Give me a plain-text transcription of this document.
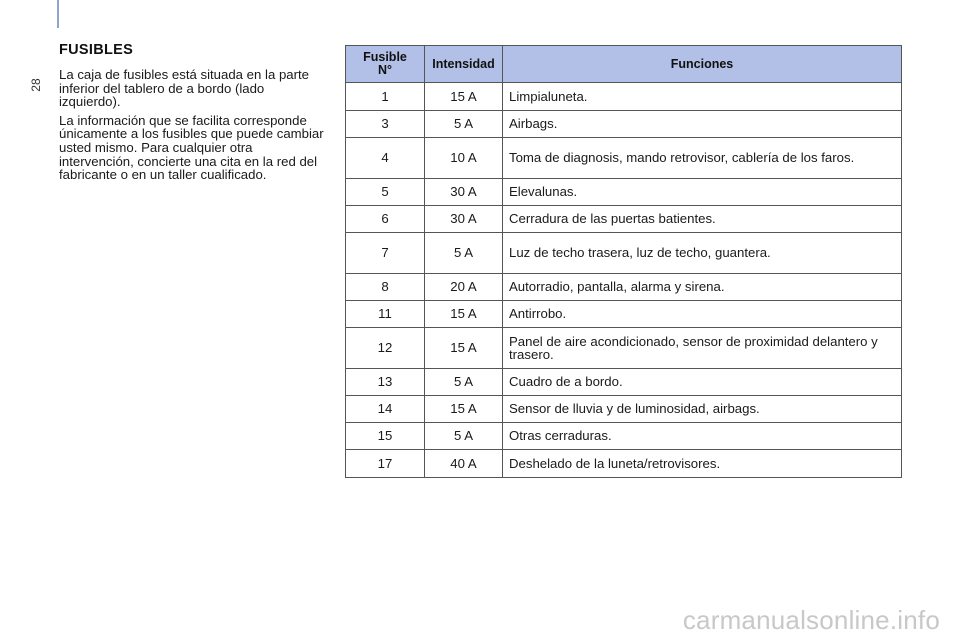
28
FUSIBLES

La caja de fusibles está situada en la parte inferior del tablero de a bordo (lado izquierdo).

La información que se facilita corresponde únicamente a los fusibles que puede cambiar usted mismo. Para cualquier otra intervención, concierte una cita en la red del fabricante o en un taller cualificado.

Fusible
N°	Intensidad	Funciones
1	15 A	Limpialuneta.
3	5 A	Airbags.
4	10 A	Toma de diagnosis, mando retrovisor, cablería de los faros.
5	30 A	Elevalunas.
6	30 A	Cerradura de las puertas batientes.
7	5 A	Luz de techo trasera, luz de techo, guantera.
8	20 A	Autorradio, pantalla, alarma y sirena.
11	15 A	Antirrobo.
12	15 A	Panel de aire acondicionado, sensor de proximidad delantero y trasero.
13	5 A	Cuadro de a bordo.
14	15 A	Sensor de lluvia y de luminosidad, airbags.
15	5 A	Otras cerraduras.
17	40 A	Deshelado de la luneta/retrovisores.
carmanualsonline.info
